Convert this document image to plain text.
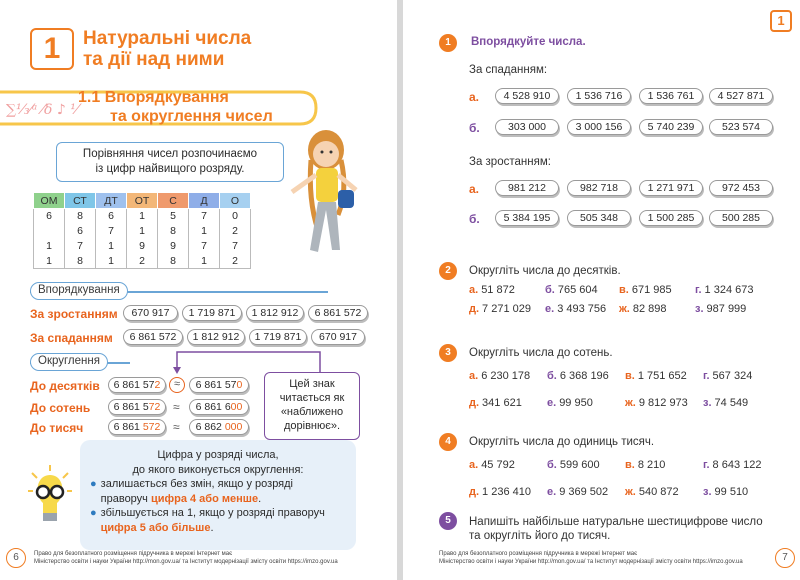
1	Натуральні числа
та дії над ними
∑⅓⁄ᵃ ⁄δ ♪ ⅟
1.1 Впорядкування
та округлення чисел
Порівняння чисел розпочинаємо
із цифр найвищого розряду.
ОМ	СТ	ДТ	ОТ	С	Д	О
6	8	6	1	5	7	0
	6	7	1	8	1	2
1	7	1	9	9	7	7
1	8	1	2	8	1	2
Впорядкування
За зростанням	670 917	1 719 871	1 812 912	6 861 572
За спаданням	6 861 572	1 812 912	1 719 871	670 917
Округлення
До десятків	6 861 572	≈	6 861 570
До сотень	6 861 572	≈	6 861 600
До тисяч	6 861 572	≈	6 862 000
Цей знак
читається як
«наближено
дорівнює».
Цифра у розряді числа,
до якого виконується округлення:
● залишається без змін, якщо у розряді
праворуч цифра 4 або менше.
● збільшується на 1, якщо у розряді праворуч
цифра 5 або більше.
6	Право для безоплатного розміщення підручника в мережі Інтернет має
Міністерство освіти і науки України http://mon.gov.ua/ та Інститут модернізації змісту освіти https://imzo.gov.ua
1
1	Впорядкуйте числа.
За спаданням:
а.	4 528 910	1 536 716	1 536 761	4 527 871
б.	303 000	3 000 156	5 740 239	523 574
За зростанням:
а.	981 212	982 718	1 271 971	972 453
б.	5 384 195	505 348	1 500 285	500 285
2	Округліть числа до десятків.
а. 51 872	б. 765 604 в. 671 985 г. 1 324 673
д. 7 271 029 е. 3 493 756 ж. 82 898	з. 987 999
3	Округліть числа до сотень.
а. 6 230 178 б. 6 368 196 в. 1 751 652 г. 567 324
д. 341 621 е. 99 950	ж. 9 812 973 з. 74 549
4	Округліть числа до одиниць тисяч.
а. 45 792	б. 599 600 в. 8 210	г. 8 643 122
д. 1 236 410 е. 9 369 502 ж. 540 872 з. 99 510
5	Напишіть найбільше натуральне шестицифрове число
та округліть його до тисяч.
Право для безоплатного розміщення підручника в мережі Інтернет має
Міністерство освіти і науки України http://mon.gov.ua/ та Інститут модернізації змісту освіти https://imzo.gov.ua	7
